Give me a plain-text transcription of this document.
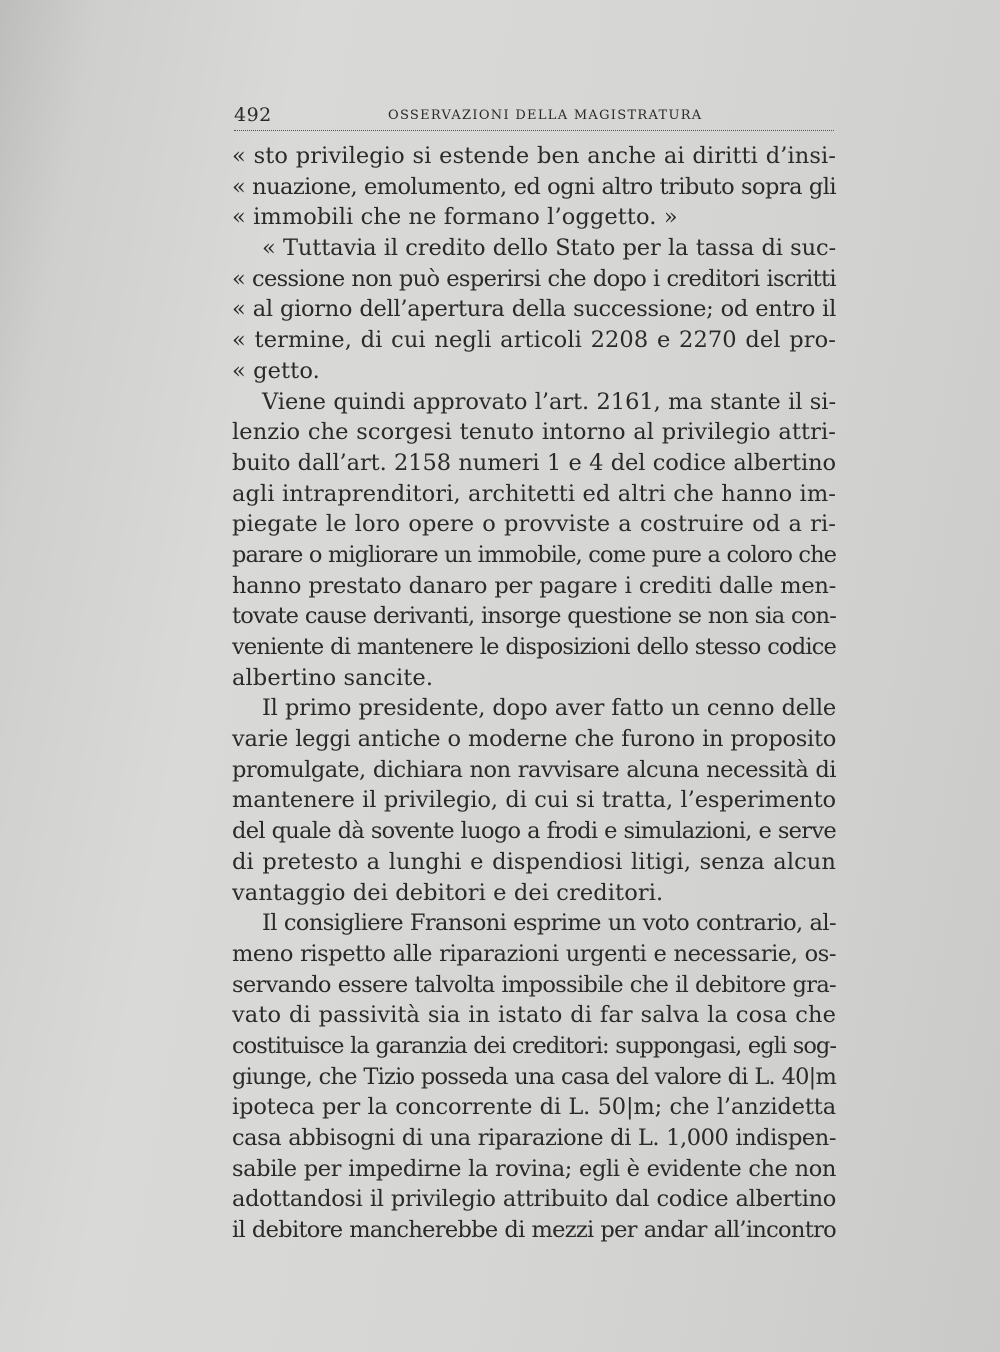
492	OSSERVAZIONI DELLA MAGISTRATURA
« sto privilegio si estende ben anche ai diritti d’insi-
« nuazione, emolumento, ed ogni altro tributo sopra gli
« immobili che ne formano l’oggetto. »
« Tuttavia il credito dello Stato per la tassa di suc-
« cessione non può esperirsi che dopo i creditori iscritti
« al giorno dell’apertura della successione; od entro il
« termine, di cui negli articoli 2208 e 2270 del pro-
« getto.
Viene quindi approvato l’art. 2161, ma stante il si-
lenzio che scorgesi tenuto intorno al privilegio attri-
buito dall’art. 2158 numeri 1 e 4 del codice albertino
agli intraprenditori, architetti ed altri che hanno im-
piegate le loro opere o provviste a costruire od a ri-
parare o migliorare un immobile, come pure a coloro che
hanno prestato danaro per pagare i crediti dalle men-
tovate cause derivanti, insorge questione se non sia con-
veniente di mantenere le disposizioni dello stesso codice
albertino sancite.
Il primo presidente, dopo aver fatto un cenno delle
varie leggi antiche o moderne che furono in proposito
promulgate, dichiara non ravvisare alcuna necessità di
mantenere il privilegio, di cui si tratta, l’esperimento
del quale dà sovente luogo a frodi e simulazioni, e serve
di pretesto a lunghi e dispendiosi litigi, senza alcun
vantaggio dei debitori e dei creditori.
Il consigliere Fransoni esprime un voto contrario, al-
meno rispetto alle riparazioni urgenti e necessarie, os-
servando essere talvolta impossibile che il debitore gra-
vato di passività sia in istato di far salva la cosa che
costituisce la garanzia dei creditori: suppongasi, egli sog-
giunge, che Tizio posseda una casa del valore di L. 40|m
ipoteca per la concorrente di L. 50|m; che l’anzidetta
casa abbisogni di una riparazione di L. 1,000 indispen-
sabile per impedirne la rovina; egli è evidente che non
adottandosi il privilegio attribuito dal codice albertino
il debitore mancherebbe di mezzi per andar all’incontro
